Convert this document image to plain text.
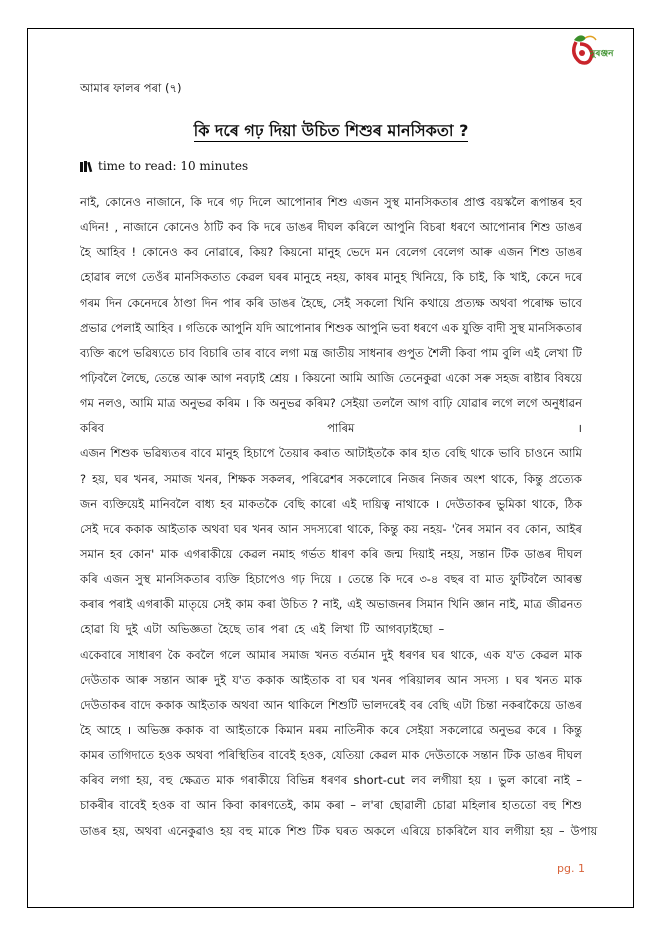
নুৰঞ্জন
আমাৰ ফালৰ পৰা (৭)
কি দৰে গঢ় দিয়া উচিত শিশুৰ মানসিকতা ?
time to read: 10 minutes
নাই, কোনেও নাজানে, কি দৰে গঢ় দিলে আপোনাৰ শিশু এজন সুস্থ মানসিকতাৰ প্ৰাপ্ত বয়স্কলৈ ৰূপান্তৰ হব
এদিন! , নাজানে কোনেও ঠাটি কব কি দৰে ডাঙৰ দীঘল কৰিলে আপুনি বিচৰা ধৰণে আপোনাৰ শিশু ডাঙৰ
হৈ আহিব ! কোনেও কব নোৱাৰে, কিয়? কিয়নো মানুহ ভেদে মন বেলেগ বেলেগ আৰু এজন শিশু ডাঙৰ
হোৱাৰ লগে তেওঁৰ মানসিকতাত কেৱল ঘৰৰ মানুহে নহয়, কাষৰ মানুহ খিনিয়ে, কি চাই, কি খাই, কেনে দৰে
গৰম দিন কেনেদৰে ঠাণ্ডা দিন পাৰ কৰি ডাঙৰ হৈছে, সেই সকলো খিনি কথায়ে প্ৰত্যক্ষ অথবা পৰোক্ষ ভাবে
প্ৰভাৱ পেলাই আহিব । গতিকে আপুনি যদি আপোনাৰ শিশুক আপুনি ভবা ধৰণে এক যুক্তি বাদী সুস্থ মানসিকতাৰ
ব্যক্তি ৰূপে ভৱিষ্যতে চাব বিচাৰি তাৰ বাবে লগা মন্ত্ৰ জাতীয় সাধনাৰ গুপুত শৈলী কিবা পাম বুলি এই লেখা টি
পঢ়িবলৈ লৈছে, তেন্তে আৰু আগ নবঢ়াই শ্ৰেয় । কিয়নো আমি আজি তেনেকুৱা একো সৰু সহজ ৰাষ্টাৰ বিষয়ে
গম নলও, আমি মাত্ৰ অনুভৱ কৰিম । কি অনুভৱ কৰিম? সেইয়া তললৈ আগ বাঢ়ি যোৱাৰ লগে লগে অনুধাৱন
কৰিব	পাৰিম	।
এজন শিশুক ভৱিষ্যতৰ বাবে মানুহ হিচাপে তৈয়াৰ কৰাত আটাইতকৈ কাৰ হাত বেছি থাকে ভাবি চাওনে আমি
? হয়, ঘৰ খনৰ, সমাজ খনৰ, শিক্ষক সকলৰ, পৰিৱেশৰ সকলোৰে নিজৰ নিজৰ অংশ থাকে, কিন্তু প্ৰত্যেক
জন ব্যক্তিয়েই মানিবলৈ বাধ্য হব মাকতকৈ বেছি কাৰো এই দায়িত্ব নাথাকে । দেউতাকৰ ভুমিকা থাকে, ঠিক
সেই দৰে ককাক আইতাক অথবা ঘৰ খনৰ আন সদস্যৰো থাকে, কিন্তু কয় নহয়- 'নৈৰ সমান বব কোন, আইৰ
সমান হব কোন' মাক এগৰাকীয়ে কেৱল নমাহ গৰ্ভত ধাৰণ কৰি জন্ম দিয়াই নহয়, সন্তান টিক ডাঙৰ দীঘল
কৰি এজন সুস্থ মানসিকতাৰ ব্যক্তি হিচাপেও গঢ় দিয়ে । তেন্তে কি দৰে ৩-৪ বছৰ বা মাত ফুটিবলৈ আৰম্ভ
কৰাৰ পৰাই এগৰাকী মাতৃয়ে সেই কাম কৰা উচিত ? নাই, এই অভাজনৰ সিমান খিনি জ্ঞান নাই, মাত্ৰ জীৱনত
হোৱা যি দুই এটা অভিজ্ঞতা হৈছে তাৰ পৰা হে এই লিখা টি আগবঢ়াইছো –
একেবাৰে সাধাৰণ কৈ কবলৈ গলে আমাৰ সমাজ খনত বৰ্তমান দুই ধৰণৰ ঘৰ থাকে, এক য'ত কেৱল মাক
দেউতাক আৰু সন্তান আৰু দুই য'ত ককাক আইতাক বা ঘৰ খনৰ পৰিয়ালৰ আন সদস্য । ঘৰ খনত মাক
দেউতাকৰ বাদে ককাক আইতাক অথবা আন থাকিলে শিশুটি ভালদৰেই বৰ বেছি এটা চিন্তা নকৰাকৈয়ে ডাঙৰ
হৈ আহে । অভিজ্ঞ ককাক বা আইতাকে কিমান মৰম নাতিনীক কৰে সেইয়া সকলোৱে অনুভৱ কৰে । কিন্তু
কামৰ তাগিদাতে হওক অথবা পৰিস্থিতিৰ বাবেই হওক, যেতিয়া কেৱল মাক দেউতাকে সন্তান টিক ডাঙৰ দীঘল
কৰিব লগা হয়, বহু ক্ষেত্ৰত মাক গৰাকীয়ে বিভিন্ন ধৰণৰ short-cut লব লগীয়া হয় । ভুল কাৰো নাই –
চাকৰীৰ বাবেই হওক বা আন কিবা কাৰণতেই, কাম কৰা – ল'ৰা ছোৱালী চোৱা মহিলাৰ হাততো বহু শিশু
ডাঙৰ হয়, অথবা এনেকুৱাও হয় বহু মাকে শিশু টিক ঘৰত অকলে এৰিয়ে চাকৰিলৈ যাব লগীয়া হয় – উপায়
pg. 1
